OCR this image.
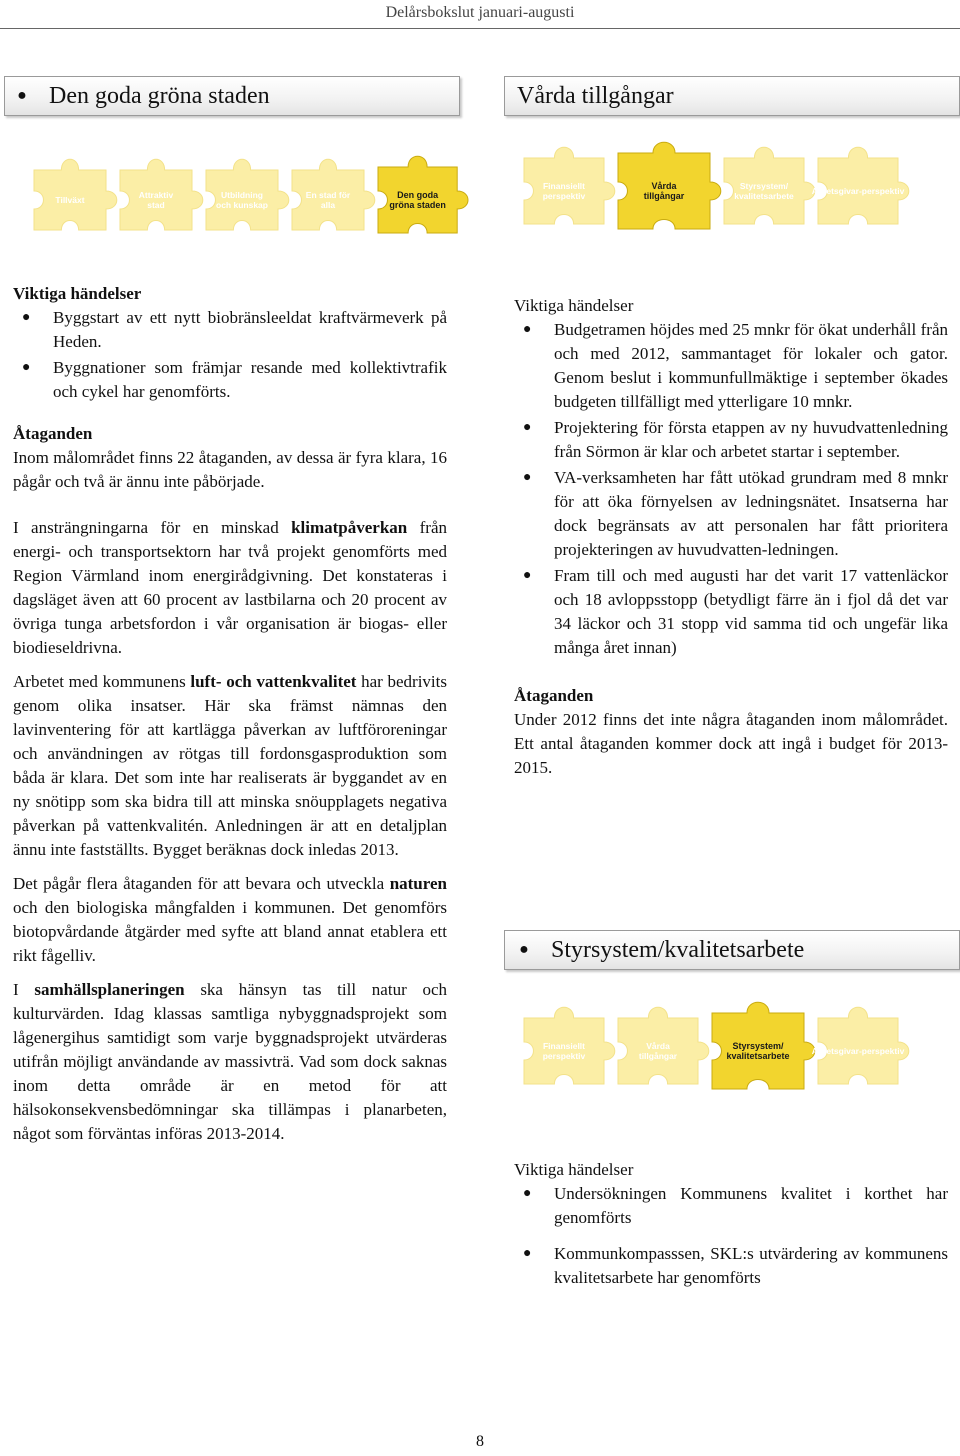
Delårsbokslut januari-augusti
● Den goda gröna staden	Vårda tillgångar
Tillväxt	Attraktiv stad
Utbildning och kunskap
En stad för alla
Den goda gröna staden
Finansiellt perspektiv
Vårda tillgångar
Styrsystem/ kvalitetsarbete Arbetsgivar-perspektiv

Viktiga händelser

● Byggstart av ett nytt biobränsleeldat kraftvärmeverk på Heden.
● Byggnationer som främjar resande med kollektivtrafik och cykel har genomförts.

Åtaganden

Inom målområdet finns 22 åtaganden, av dessa är fyra klara, 16 pågår och två är ännu inte påbörjade.

I ansträngningarna för en minskad klimatpåverkan från energi- och transportsektorn har två projekt genomförts med Region Värmland inom energirådgivning. Det konstateras i dagsläget även att 60 procent av lastbilarna och 20 procent av övriga tunga arbetsfordon i vår organisation är biogas- eller biodieseldrivna.

Arbetet med kommunens luft- och vattenkvalitet har bedrivits genom olika insatser. Här ska främst nämnas den lavinventering för att kartlägga påverkan av luftföroreningar och användningen av rötgas till fordonsgasproduktion som båda är klara. Det som inte har realiserats är byggandet av en ny snötipp som ska bidra till att minska snöupplagets negativa påverkan på vattenkvalitén. Anledningen är att en detaljplan ännu inte fastställts. Bygget beräknas dock inledas 2013.

Det pågår flera åtaganden för att bevara och utveckla naturen och den biologiska mångfalden i kommunen. Det genomförs biotopvårdande åtgärder med syfte att bland annat etablera ett rikt fågelliv.

I samhällsplaneringen ska hänsyn tas till natur och kulturvärden. Idag klassas samtliga nybyggnadsprojekt som lågenergihus samtidigt som varje byggnadsprojekt utvärderas utifrån möjligt användande av massivträ. Vad som dock saknas inom detta område är en metod för att hälsokonsekvensbedömningar ska tillämpas i planarbeten, något som förväntas införas 2013-2014.

Viktiga händelser

● Budgetramen höjdes med 25 mnkr för ökat underhåll från och med 2012, sammantaget för lokaler och gator. Genom beslut i kommunfullmäktige i september ökades budgeten tillfälligt med ytterligare 10 mnkr.
● Projektering för första etappen av ny huvudvattenledning från Sörmon är klar och arbetet startar i september.
● VA-verksamheten har fått utökad grundram med 8 mnkr för att öka förnyelsen av ledningsnätet. Insatserna har dock begränsats av att personalen har fått prioritera projekteringen av huvudvatten-ledningen.
● Fram till och med augusti har det varit 17 vattenläckor och 18 avloppsstopp (betydligt färre än i fjol då det var 34 läckor och 31 stopp vid samma tid och ungefär lika många året innan)

Åtaganden

Under 2012 finns det inte några åtaganden inom målområdet. Ett antal åtaganden kommer dock att ingå i budget för 2013-2015.

● Styrsystem/kvalitetsarbete
Finansiellt perspektiv
Vårda tillgångar
Styrsystem/ kvalitetsarbete	Arbetsgivar-perspektiv

Viktiga händelser

● Undersökningen Kommunens kvalitet i korthet har genomförts
● Kommunkompasssen, SKL:s utvärdering av kommunens kvalitetsarbete har genomförts
8
